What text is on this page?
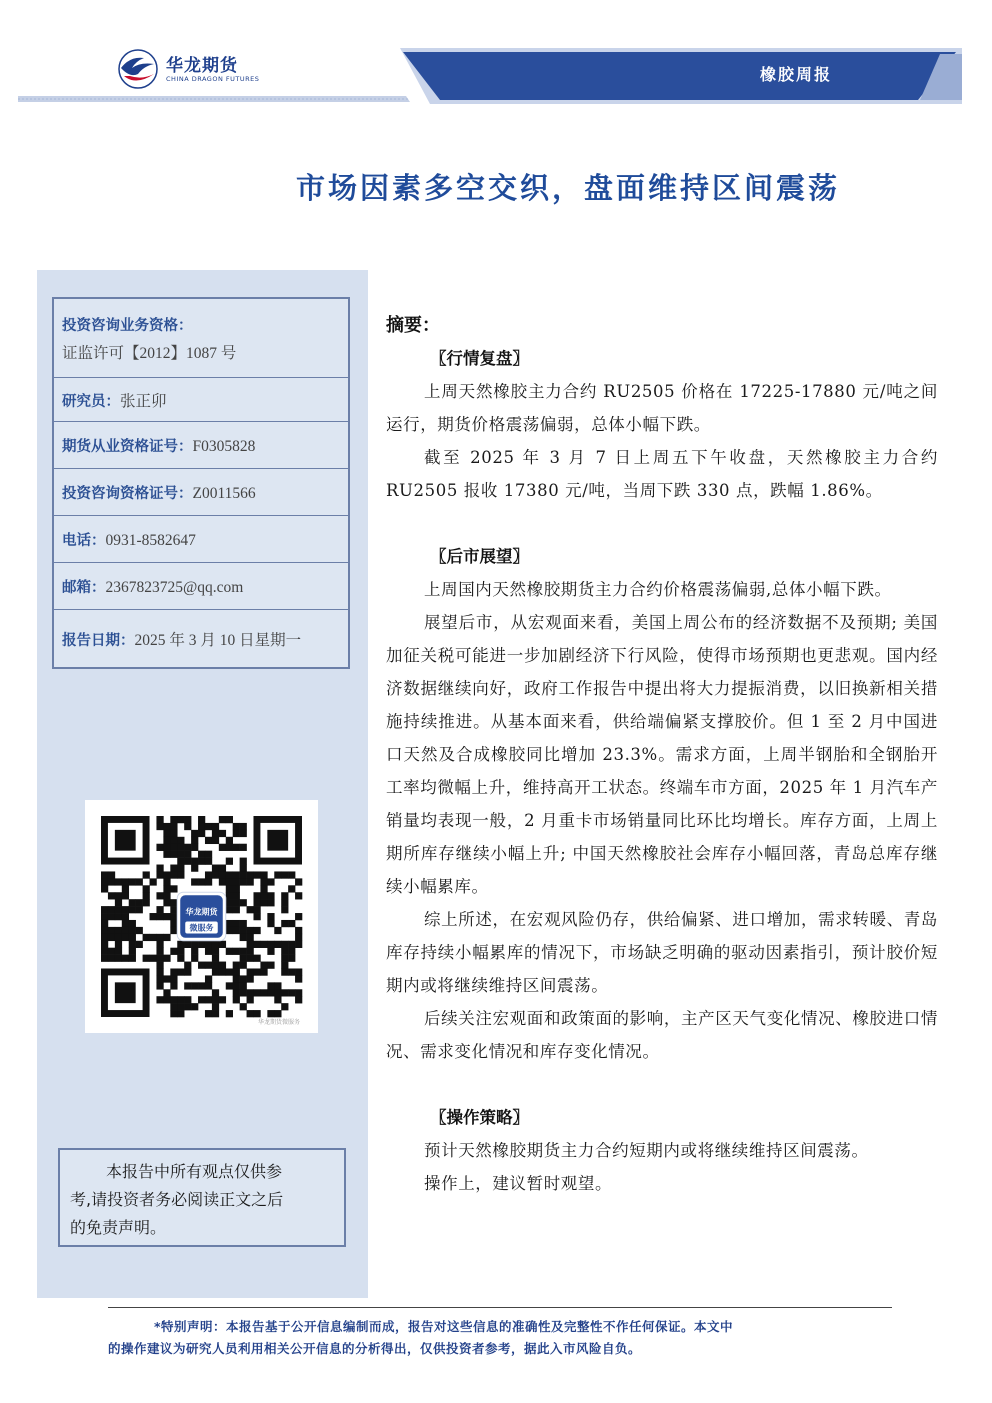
华龙期货
CHINA DRAGON FUTURES	橡胶周报
市场因素多空交织，盘面维持区间震荡
投资咨询业务资格：
证监许可【2012】1087 号
研究员：张正卯
期货从业资格证号：F0305828
投资咨询资格证号：Z0011566
电话：0931-8582647
邮箱：2367823725@qq.com
报告日期：2025 年 3 月 10 日星期一
华龙期货
微服务
华龙期货微服务
本报告中所有观点仅供参
考,请投资者务必阅读正文之后
的免责声明。

摘要：

〖行情复盘〗

上周天然橡胶主力合约 RU2505 价格在 17225-17880 元/吨之间运行，期货价格震荡偏弱，总体小幅下跌。

截至 2025 年 3 月 7 日上周五下午收盘，天然橡胶主力合约 RU2505 报收 17380 元/吨，当周下跌 330 点，跌幅 1.86%。

〖后市展望〗

上周国内天然橡胶期货主力合约价格震荡偏弱,总体小幅下跌。

展望后市，从宏观面来看，美国上周公布的经济数据不及预期; 美国加征关税可能进一步加剧经济下行风险，使得市场预期也更悲观。国内经济数据继续向好，政府工作报告中提出将大力提振消费，以旧换新相关措施持续推进。从基本面来看，供给端偏紧支撑胶价。但 1 至 2 月中国进口天然及合成橡胶同比增加 23.3%。需求方面，上周半钢胎和全钢胎开工率均微幅上升，维持高开工状态。终端车市方面，2025 年 1 月汽车产销量均表现一般，2 月重卡市场销量同比环比均增长。库存方面，上周上期所库存继续小幅上升; 中国天然橡胶社会库存小幅回落，青岛总库存继续小幅累库。

综上所述，在宏观风险仍存，供给偏紧、进口增加，需求转暖、青岛库存持续小幅累库的情况下，市场缺乏明确的驱动因素指引，预计胶价短期内或将继续维持区间震荡。

后续关注宏观面和政策面的影响，主产区天气变化情况、橡胶进口情况、需求变化情况和库存变化情况。

〖操作策略〗

预计天然橡胶期货主力合约短期内或将继续维持区间震荡。

操作上，建议暂时观望。

*特别声明：本报告基于公开信息编制而成，报告对这些信息的准确性及完整性不作任何保证。本文中
的操作建议为研究人员利用相关公开信息的分析得出，仅供投资者参考，据此入市风险自负。
